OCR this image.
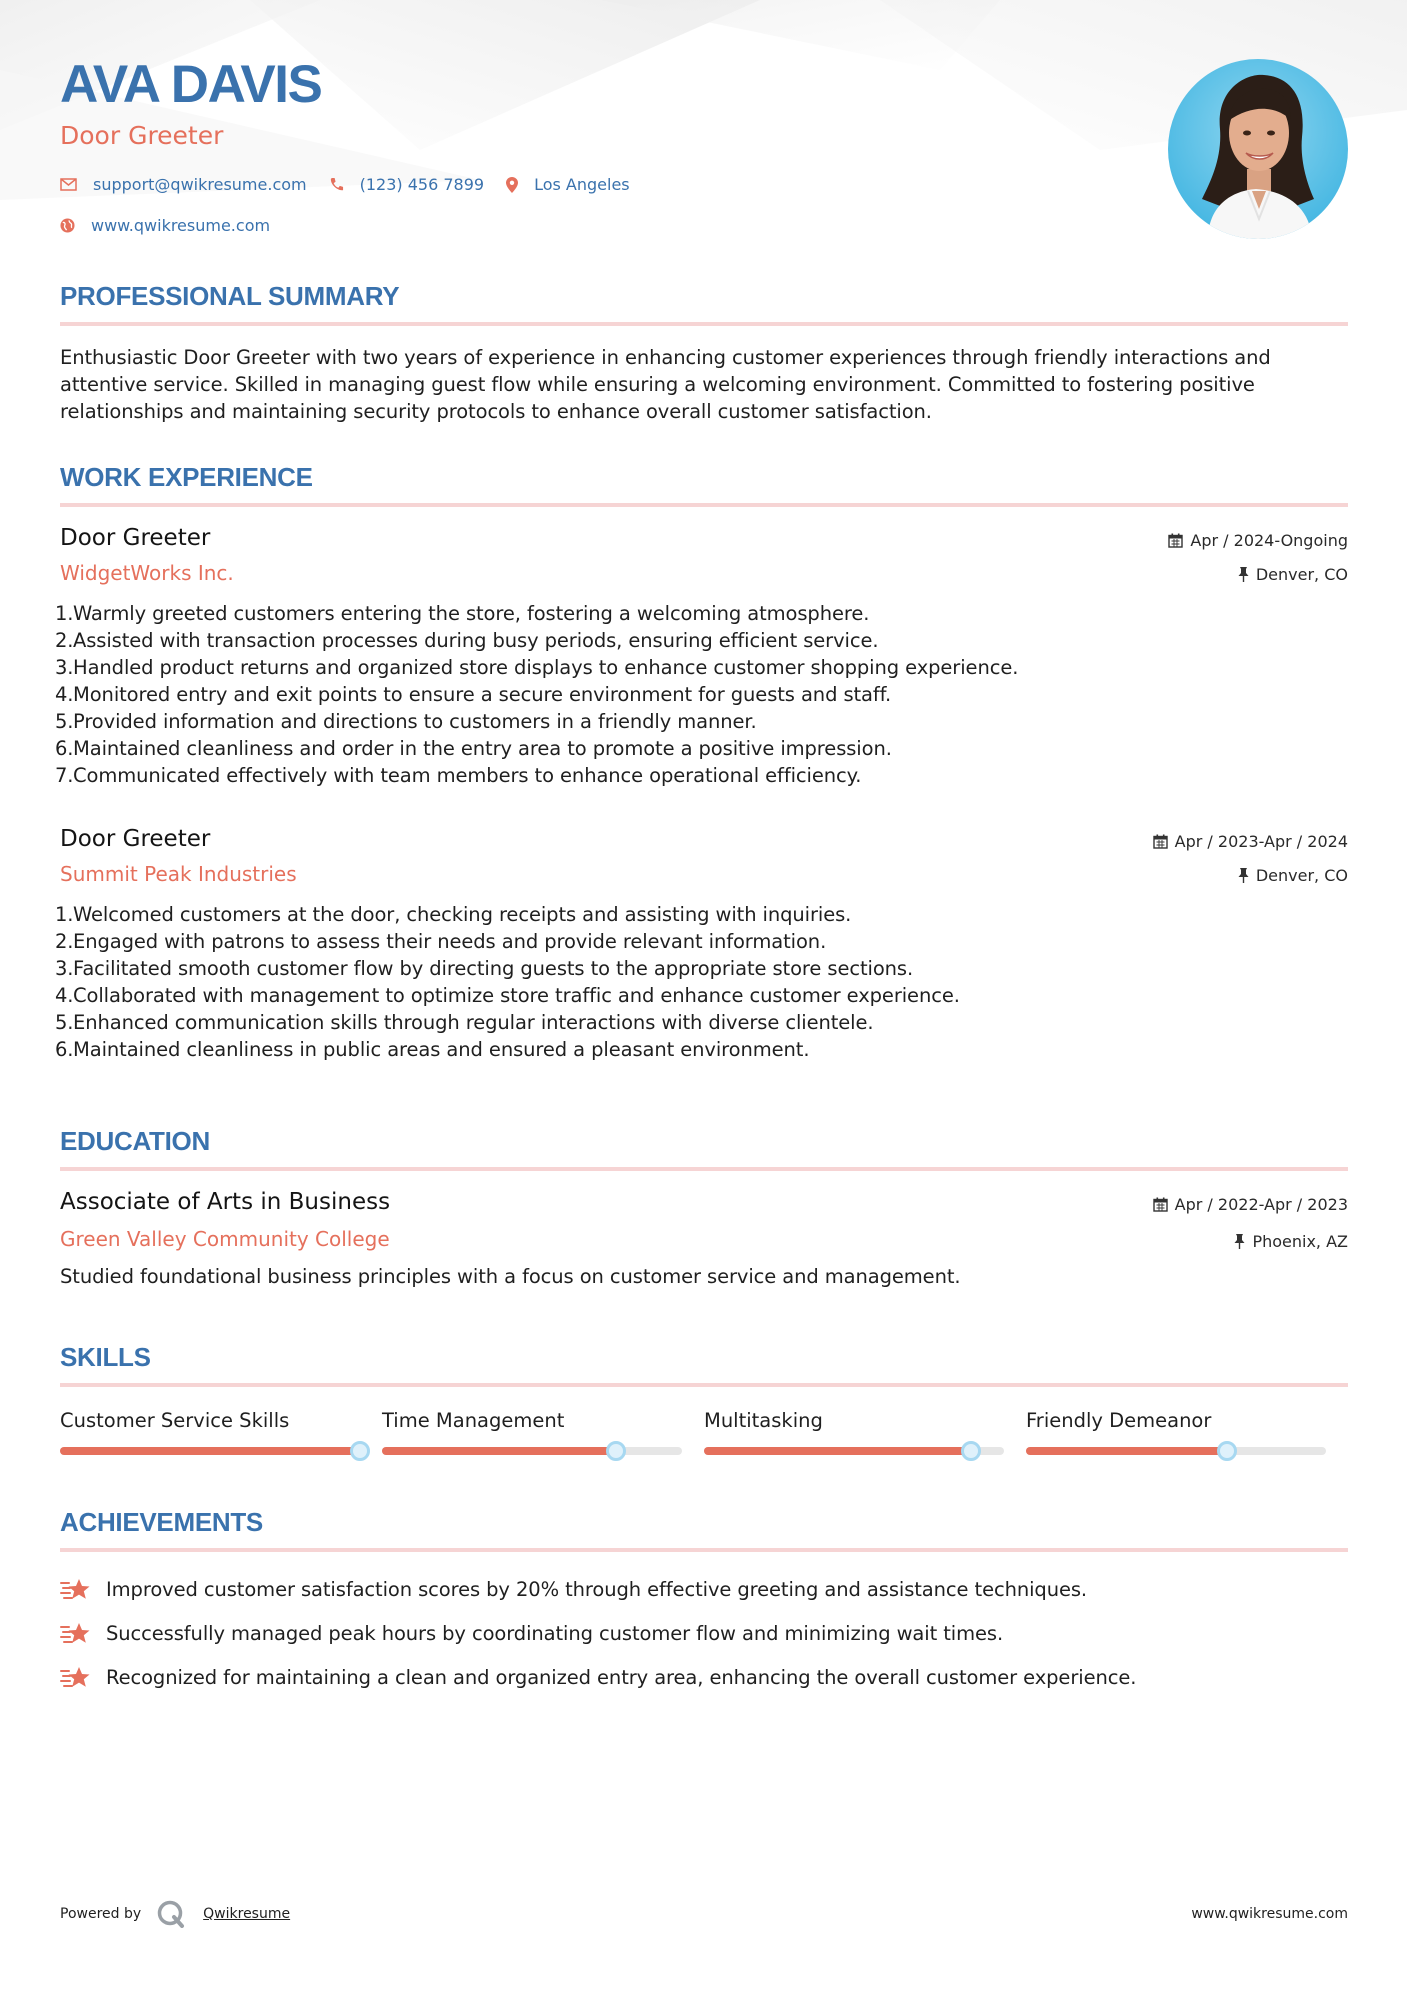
AVA DAVIS
Door Greeter
support@qwikresume.com	(123) 456 7899	Los Angeles
www.qwikresume.com
PROFESSIONAL SUMMARY

Enthusiastic Door Greeter with two years of experience in enhancing customer experiences through friendly interactions and attentive service. Skilled in managing guest flow while ensuring a welcoming environment. Committed to fostering positive relationships and maintaining security protocols to enhance overall customer satisfaction.

WORK EXPERIENCE
Door Greeter
WidgetWorks Inc.
Apr / 2024-Ongoing
Denver, CO
1. Warmly greeted customers entering the store, fostering a welcoming atmosphere.
2. Assisted with transaction processes during busy periods, ensuring efficient service.
3. Handled product returns and organized store displays to enhance customer shopping experience.
4. Monitored entry and exit points to ensure a secure environment for guests and staff.
5. Provided information and directions to customers in a friendly manner.
6. Maintained cleanliness and order in the entry area to promote a positive impression.
7. Communicated effectively with team members to enhance operational efficiency.
Door Greeter
Summit Peak Industries
Apr / 2023-Apr / 2024
Denver, CO
1. Welcomed customers at the door, checking receipts and assisting with inquiries.
2. Engaged with patrons to assess their needs and provide relevant information.
3. Facilitated smooth customer flow by directing guests to the appropriate store sections.
4. Collaborated with management to optimize store traffic and enhance customer experience.
5. Enhanced communication skills through regular interactions with diverse clientele.
6. Maintained cleanliness in public areas and ensured a pleasant environment.
EDUCATION
Associate of Arts in Business
Green Valley Community College
Apr / 2022-Apr / 2023
Phoenix, AZ
Studied foundational business principles with a focus on customer service and management.
SKILLS
Customer Service Skills	Time Management	Multitasking	Friendly Demeanor
ACHIEVEMENTS
Improved customer satisfaction scores by 20% through effective greeting and assistance techniques.
Successfully managed peak hours by coordinating customer flow and minimizing wait times.
Recognized for maintaining a clean and organized entry area, enhancing the overall customer experience.
Powered by	Qwikresume	www.qwikresume.com
